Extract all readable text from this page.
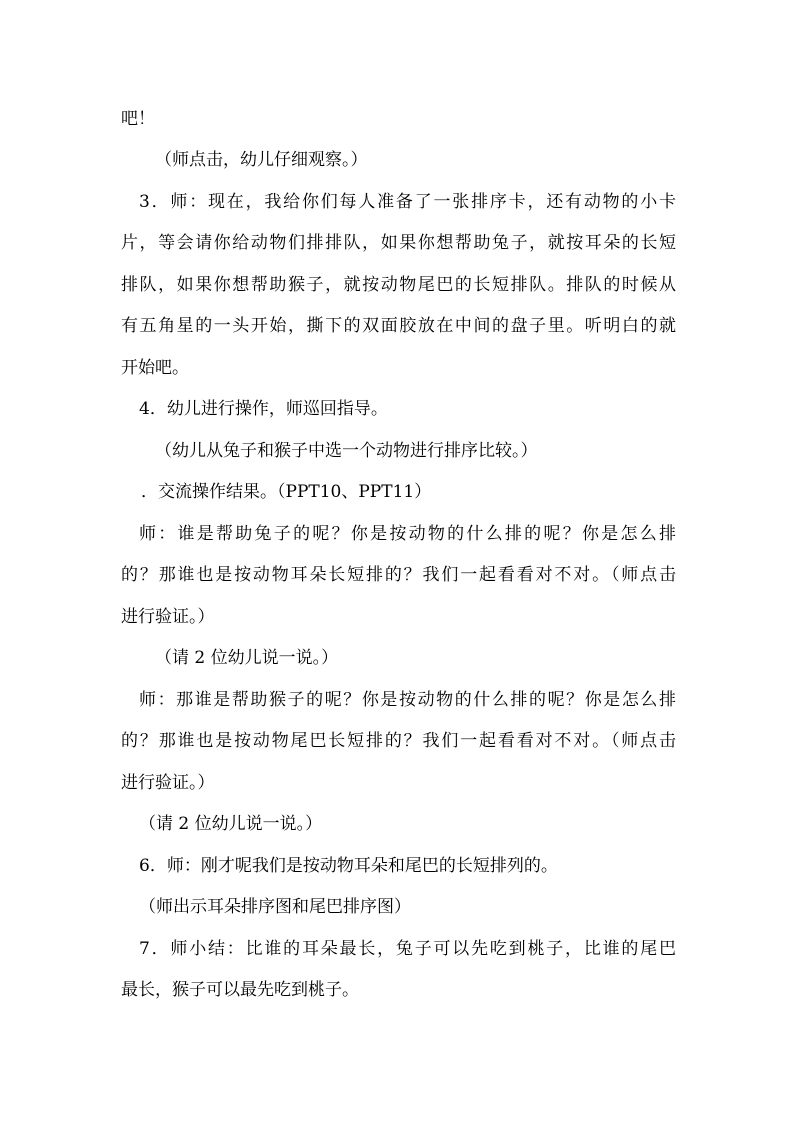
吧！
（师点击，幼儿仔细观察。）
3．师：现在，我给你们每人准备了一张排序卡，还有动物的小卡
片，等会请你给动物们排排队，如果你想帮助兔子，就按耳朵的长短
排队，如果你想帮助猴子，就按动物尾巴的长短排队。排队的时候从
有五角星的一头开始，撕下的双面胶放在中间的盘子里。听明白的就
开始吧。
4．幼儿进行操作，师巡回指导。
（幼儿从兔子和猴子中选一个动物进行排序比较。）
．交流操作结果。（PPT10、PPT11）
师：谁是帮助兔子的呢？你是按动物的什么排的呢？你是怎么排
的？那谁也是按动物耳朵长短排的？我们一起看看对不对。（师点击
进行验证。）
（请 2 位幼儿说一说。）
师：那谁是帮助猴子的呢？你是按动物的什么排的呢？你是怎么排
的？那谁也是按动物尾巴长短排的？我们一起看看对不对。（师点击
进行验证。）
（请 2 位幼儿说一说。）
6．师：刚才呢我们是按动物耳朵和尾巴的长短排列的。
（师出示耳朵排序图和尾巴排序图）
7．师小结：比谁的耳朵最长，兔子可以先吃到桃子，比谁的尾巴
最长，猴子可以最先吃到桃子。
